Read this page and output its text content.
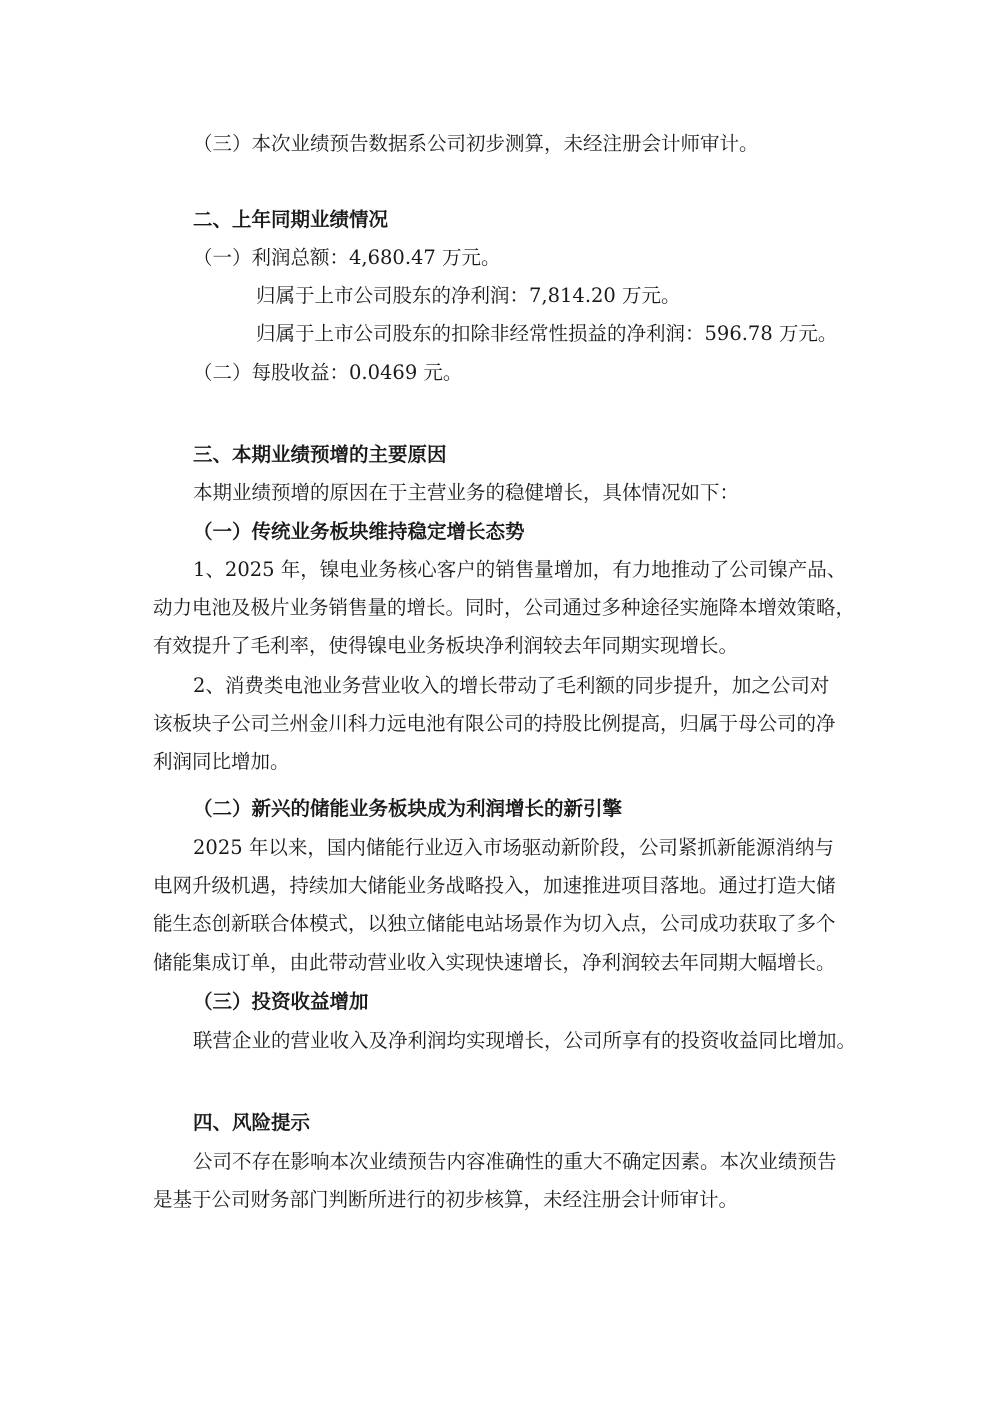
（三）本次业绩预告数据系公司初步测算，未经注册会计师审计。
二、上年同期业绩情况
（一）利润总额：4,680.47 万元。
归属于上市公司股东的净利润：7,814.20 万元。
归属于上市公司股东的扣除非经常性损益的净利润：596.78 万元。
（二）每股收益：0.0469 元。
三、本期业绩预增的主要原因
本期业绩预增的原因在于主营业务的稳健增长，具体情况如下：
（一）传统业务板块维持稳定增长态势
1、2025 年，镍电业务核心客户的销售量增加，有力地推动了公司镍产品、
动力电池及极片业务销售量的增长。同时，公司通过多种途径实施降本增效策略，
有效提升了毛利率，使得镍电业务板块净利润较去年同期实现增长。
2、消费类电池业务营业收入的增长带动了毛利额的同步提升，加之公司对
该板块子公司兰州金川科力远电池有限公司的持股比例提高，归属于母公司的净
利润同比增加。
（二）新兴的储能业务板块成为利润增长的新引擎
2025 年以来，国内储能行业迈入市场驱动新阶段，公司紧抓新能源消纳与
电网升级机遇，持续加大储能业务战略投入，加速推进项目落地。通过打造大储
能生态创新联合体模式，以独立储能电站场景作为切入点，公司成功获取了多个
储能集成订单，由此带动营业收入实现快速增长，净利润较去年同期大幅增长。
（三）投资收益增加
联营企业的营业收入及净利润均实现增长，公司所享有的投资收益同比增加。
四、风险提示
公司不存在影响本次业绩预告内容准确性的重大不确定因素。本次业绩预告
是基于公司财务部门判断所进行的初步核算，未经注册会计师审计。
